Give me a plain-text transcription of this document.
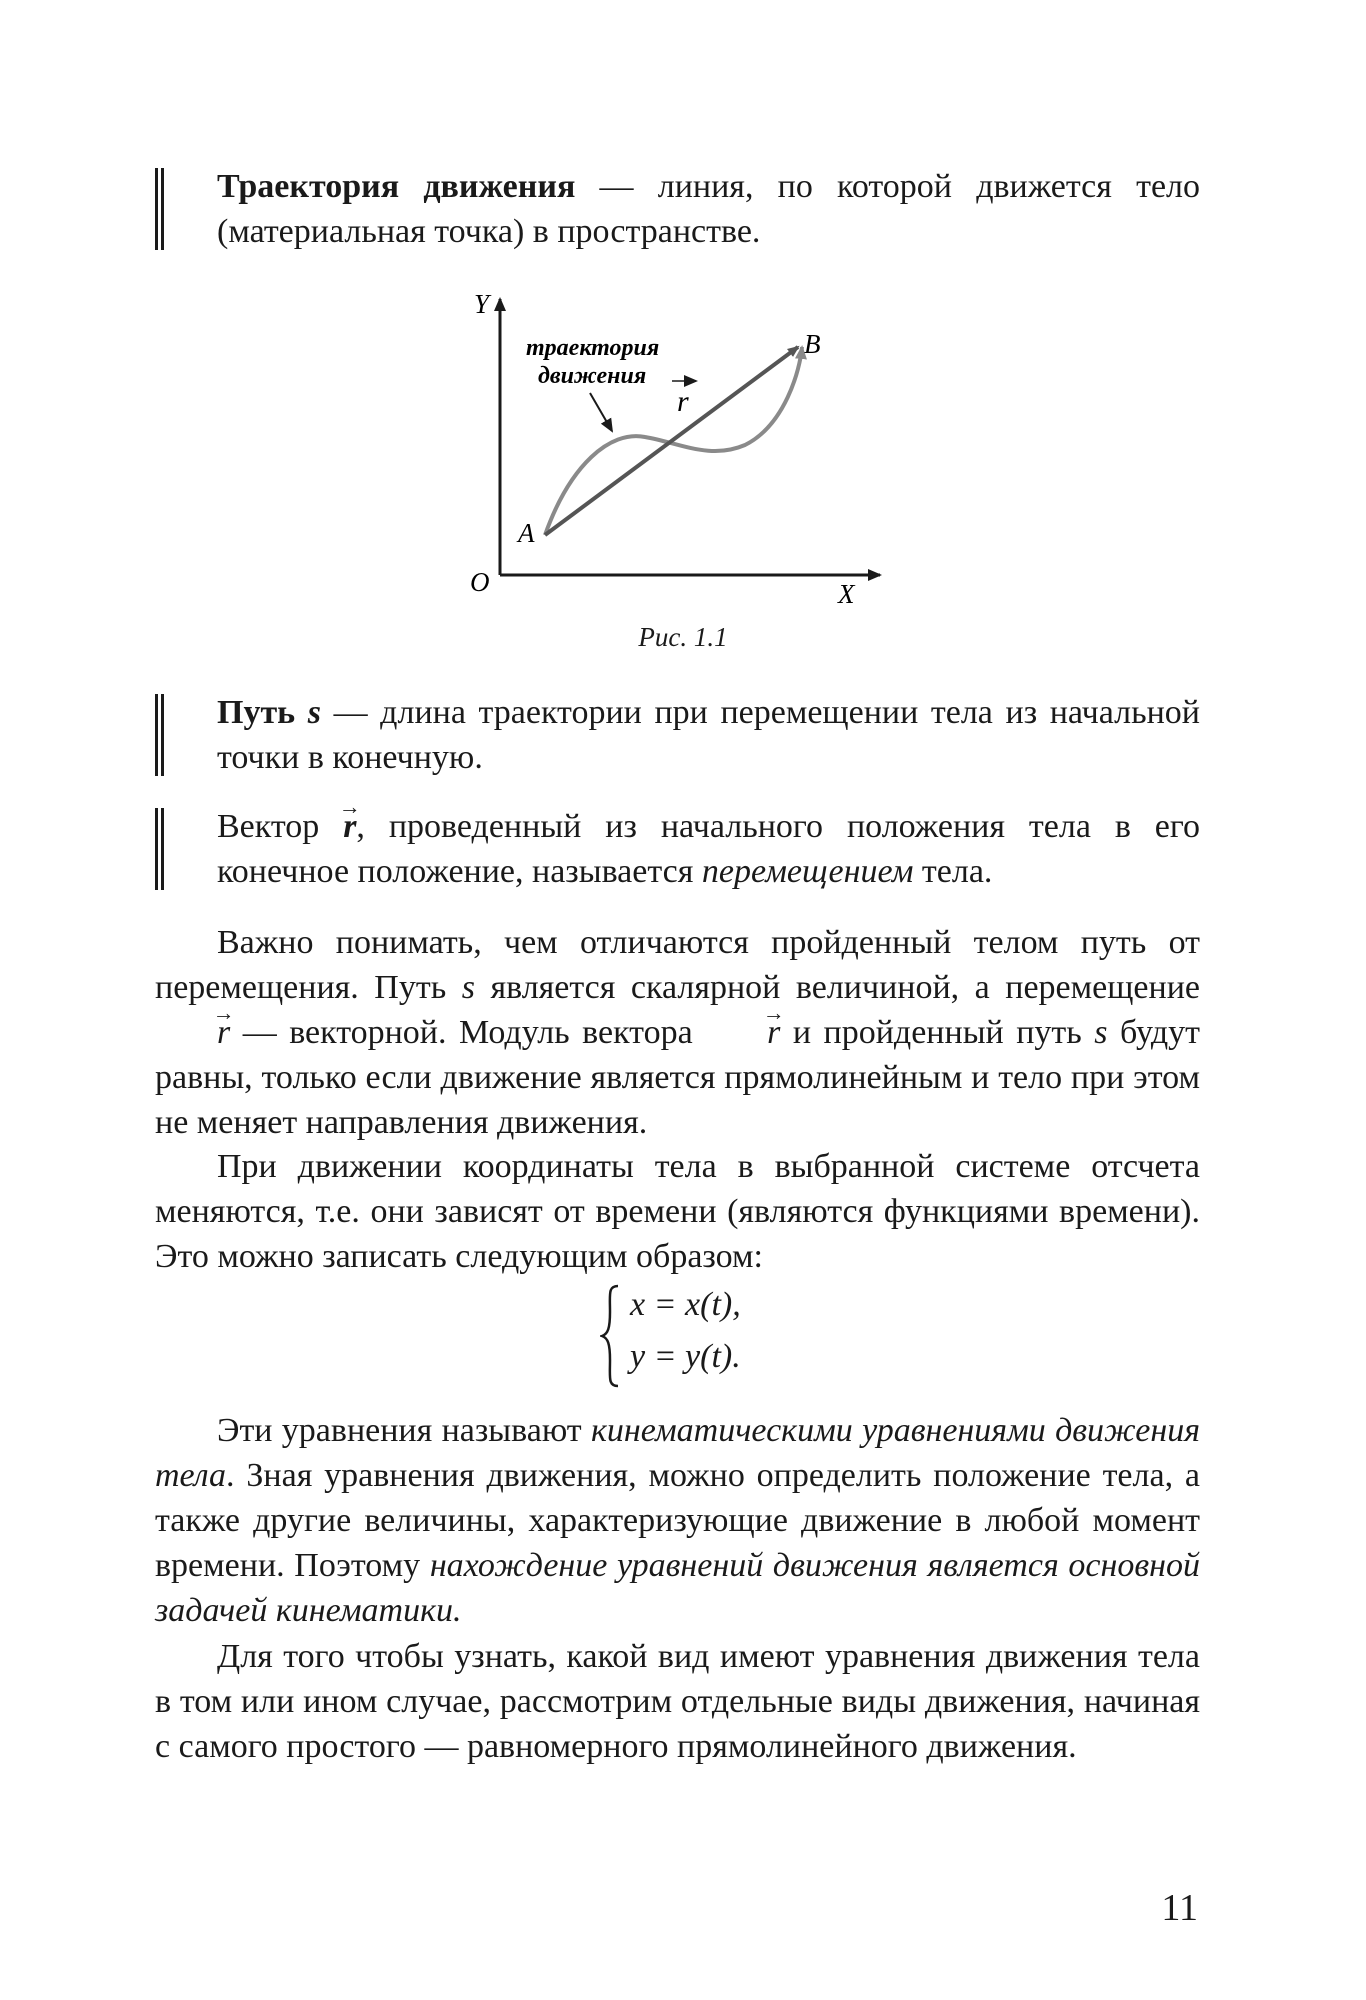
Траектория движения — линия, по которой движется тело (материальная точка) в пространстве.
Y
X
O
A
B
траектория
движения
r
Рис. 1.1
Путь s — длина траектории при перемещении тела из начальной точки в конечную.
Вектор → r, проведенный из начального положения тела в его конечное положение, называется перемещением тела.

Важно понимать, чем отличаются пройденный телом путь от перемещения. Путь s является скалярной величиной, а перемещение → r — векторной. Модуль вектора → r и пройденный путь s будут равны, только если движение является прямолинейным и тело при этом не меняет направления движения.

При движении координаты тела в выбранной системе отсчета меняются, т.е. они зависят от времени (являются функциями времени). Это можно записать следующим образом:

x = x(t),
y = y(t).

Эти уравнения называют кинематическими уравнениями движения тела. Зная уравнения движения, можно определить положение тела, а также другие величины, характеризующие движение в любой момент времени. Поэтому нахождение уравнений движения является основной задачей кинематики.

Для того чтобы узнать, какой вид имеют уравнения движения тела в том или ином случае, рассмотрим отдельные виды движения, начиная с самого простого — равномерного прямолинейного движения.

11
